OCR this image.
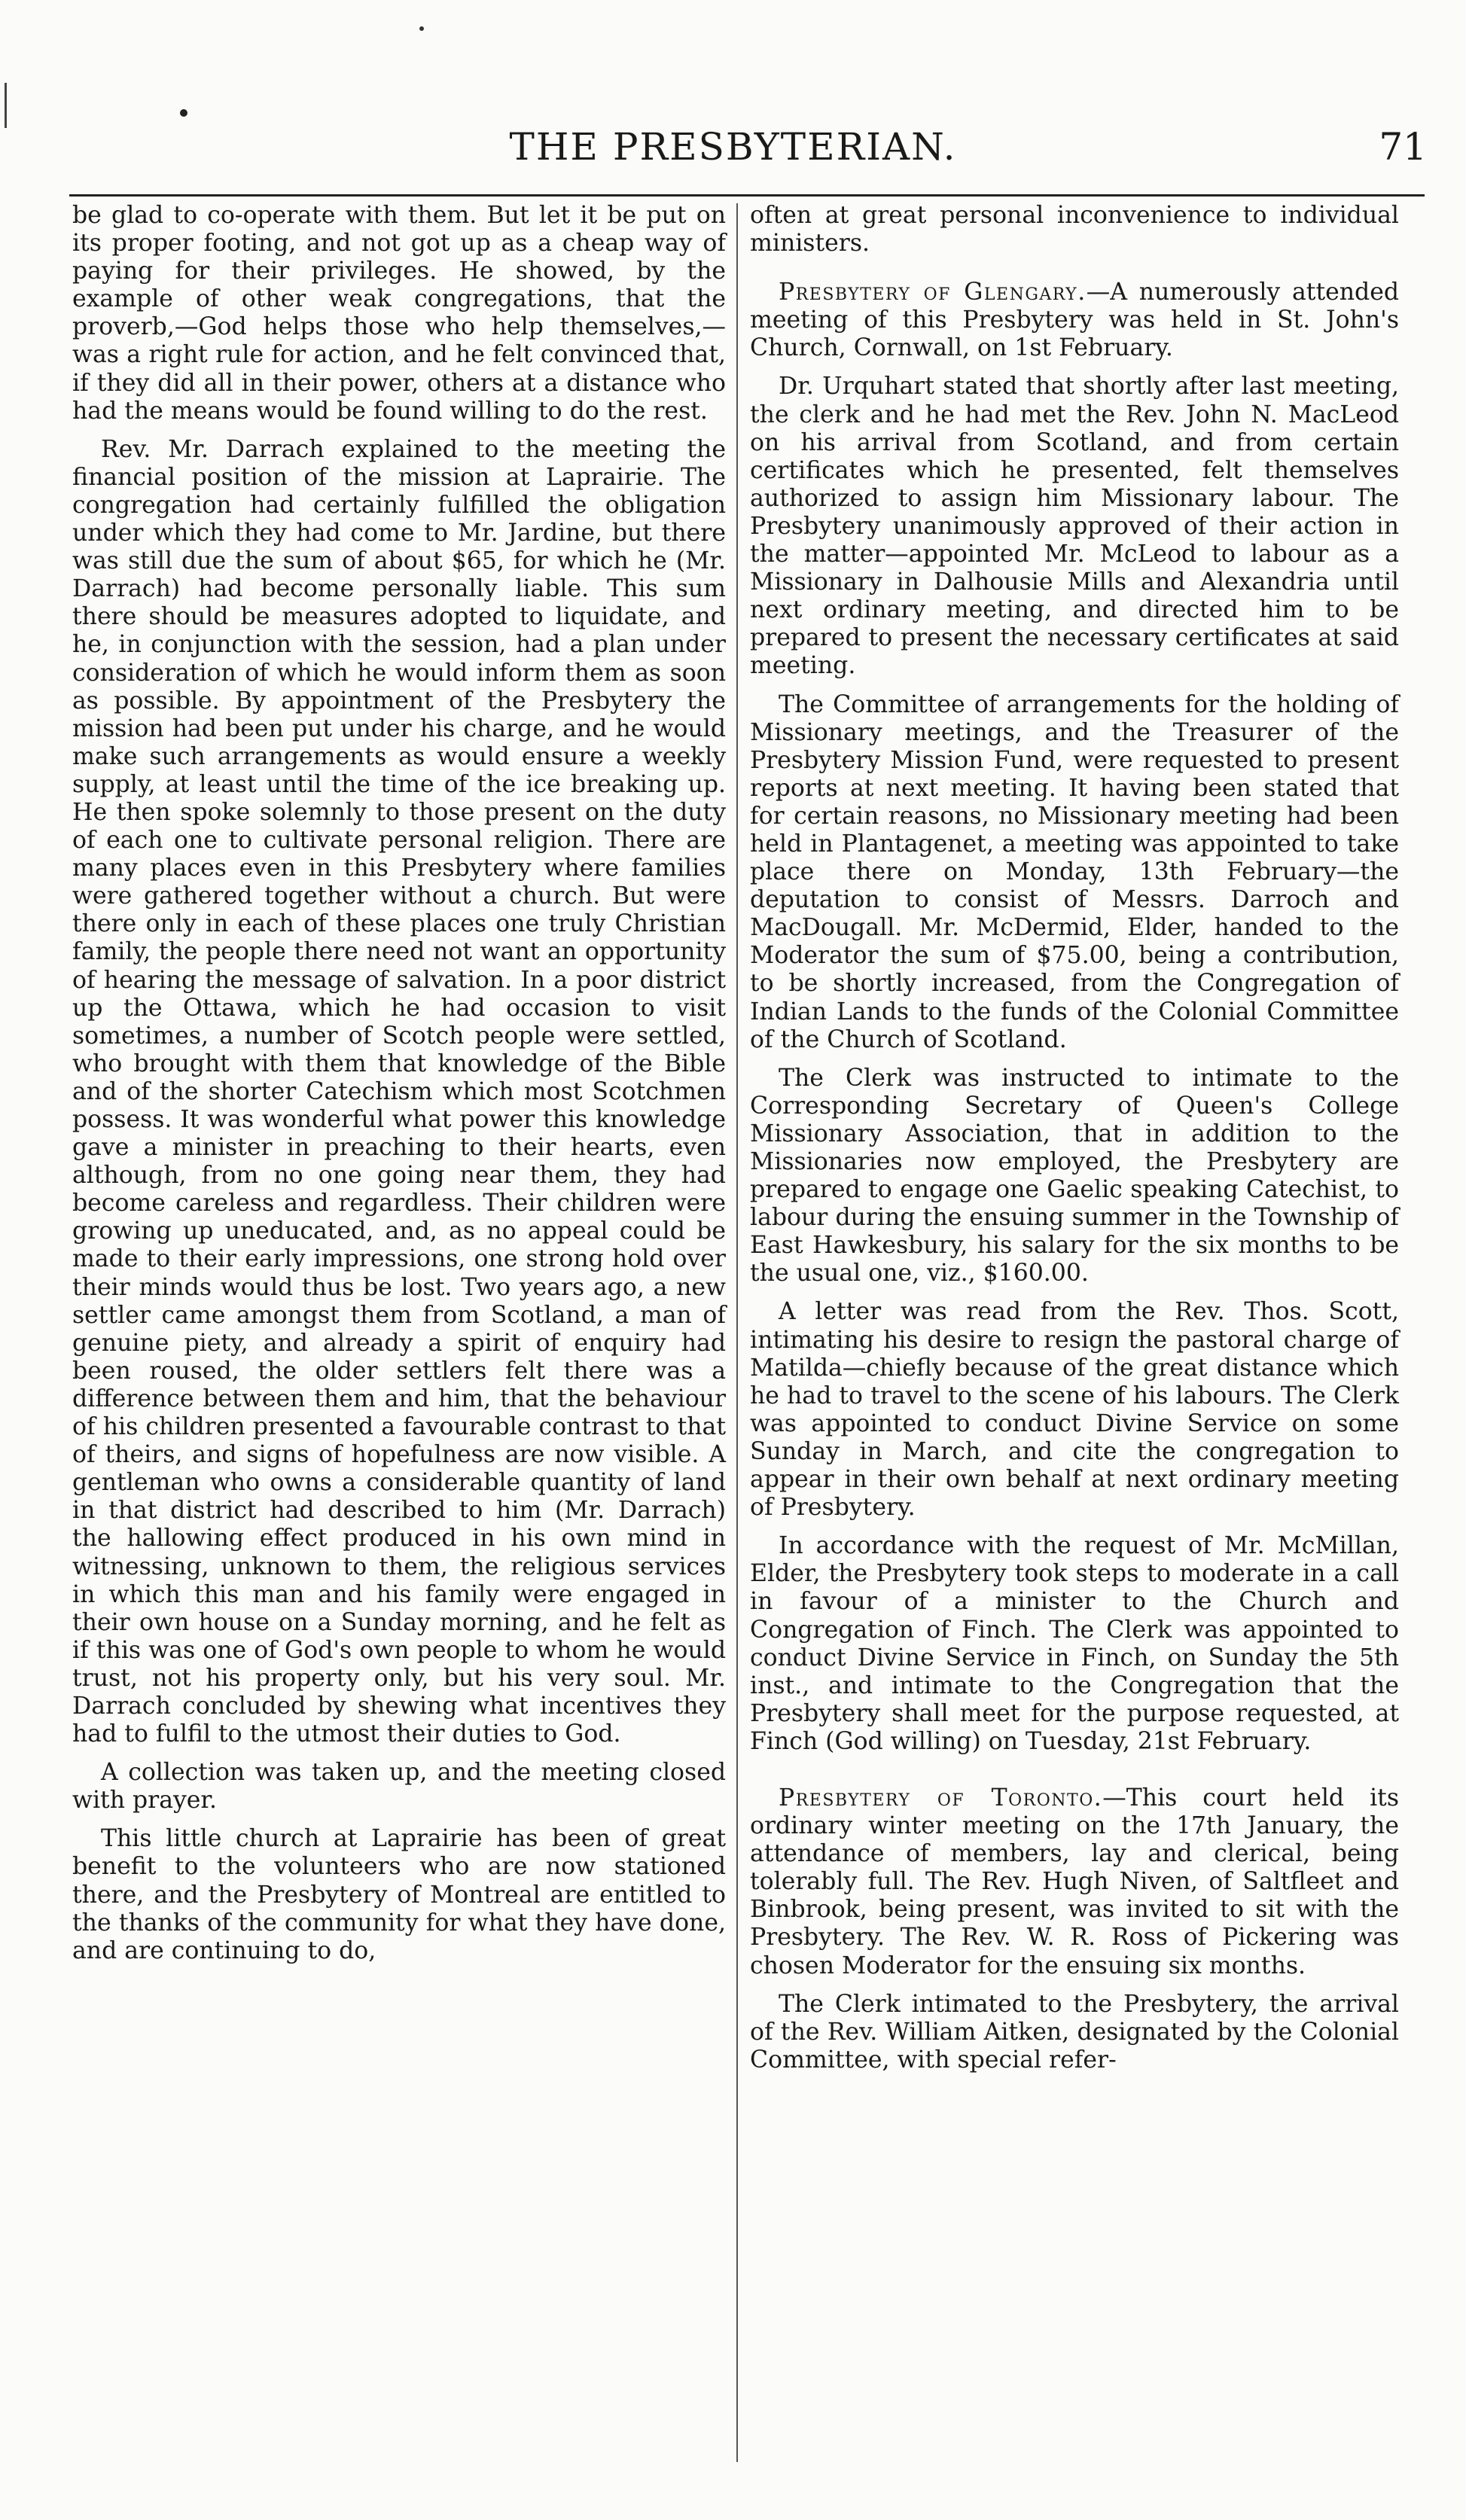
THE PRESBYTERIAN.	71

be glad to co-operate with them. But let it be put on its proper footing, and not got up as a cheap way of paying for their privileges. He showed, by the example of other weak congregations, that the proverb,—God helps those who help themselves,—was a right rule for action, and he felt convinced that, if they did all in their power, others at a distance who had the means would be found willing to do the rest.

Rev. Mr. Darrach explained to the meeting the financial position of the mission at Laprairie. The congregation had certainly fulfilled the obligation under which they had come to Mr. Jardine, but there was still due the sum of about $65, for which he (Mr. Darrach) had become personally liable. This sum there should be measures adopted to liquidate, and he, in conjunction with the session, had a plan under consideration of which he would inform them as soon as possible. By appointment of the Presbytery the mission had been put under his charge, and he would make such arrangements as would ensure a weekly supply, at least until the time of the ice breaking up. He then spoke solemnly to those present on the duty of each one to cultivate personal religion. There are many places even in this Presbytery where families were gathered together without a church. But were there only in each of these places one truly Christian family, the people there need not want an opportunity of hearing the message of salvation. In a poor district up the Ottawa, which he had occasion to visit sometimes, a number of Scotch people were settled, who brought with them that knowledge of the Bible and of the shorter Catechism which most Scotchmen possess. It was wonderful what power this knowledge gave a minister in preaching to their hearts, even although, from no one going near them, they had become careless and regardless. Their children were growing up uneducated, and, as no appeal could be made to their early impressions, one strong hold over their minds would thus be lost. Two years ago, a new settler came amongst them from Scotland, a man of genuine piety, and already a spirit of enquiry had been roused, the older settlers felt there was a difference between them and him, that the behaviour of his children presented a favourable contrast to that of theirs, and signs of hopefulness are now visible. A gentleman who owns a considerable quantity of land in that district had described to him (Mr. Darrach) the hallowing effect produced in his own mind in witnessing, unknown to them, the religious services in which this man and his family were engaged in their own house on a Sunday morning, and he felt as if this was one of God's own people to whom he would trust, not his property only, but his very soul. Mr. Darrach concluded by shewing what incentives they had to fulfil to the utmost their duties to God.

A collection was taken up, and the meeting closed with prayer.

This little church at Laprairie has been of great benefit to the volunteers who are now stationed there, and the Presbytery of Montreal are entitled to the thanks of the community for what they have done, and are continuing to do,

often at great personal inconvenience to individual ministers.

Presbytery of Glengary.—A numerously attended meeting of this Presbytery was held in St. John's Church, Cornwall, on 1st February.

Dr. Urquhart stated that shortly after last meeting, the clerk and he had met the Rev. John N. MacLeod on his arrival from Scotland, and from certain certificates which he presented, felt themselves authorized to assign him Missionary labour. The Presbytery unanimously approved of their action in the matter—appointed Mr. McLeod to labour as a Missionary in Dalhousie Mills and Alexandria until next ordinary meeting, and directed him to be prepared to present the necessary certificates at said meeting.

The Committee of arrangements for the holding of Missionary meetings, and the Treasurer of the Presbytery Mission Fund, were requested to present reports at next meeting. It having been stated that for certain reasons, no Missionary meeting had been held in Plantagenet, a meeting was appointed to take place there on Monday, 13th February—the deputation to consist of Messrs. Darroch and MacDougall. Mr. McDermid, Elder, handed to the Moderator the sum of $75.00, being a contribution, to be shortly increased, from the Congregation of Indian Lands to the funds of the Colonial Committee of the Church of Scotland.

The Clerk was instructed to intimate to the Corresponding Secretary of Queen's College Missionary Association, that in addition to the Missionaries now employed, the Presbytery are prepared to engage one Gaelic speaking Catechist, to labour during the ensuing summer in the Township of East Hawkesbury, his salary for the six months to be the usual one, viz., $160.00.

A letter was read from the Rev. Thos. Scott, intimating his desire to resign the pastoral charge of Matilda—chiefly because of the great distance which he had to travel to the scene of his labours. The Clerk was appointed to conduct Divine Service on some Sunday in March, and cite the congregation to appear in their own behalf at next ordinary meeting of Presbytery.

In accordance with the request of Mr. McMillan, Elder, the Presbytery took steps to moderate in a call in favour of a minister to the Church and Congregation of Finch. The Clerk was appointed to conduct Divine Service in Finch, on Sunday the 5th inst., and intimate to the Congregation that the Presbytery shall meet for the purpose requested, at Finch (God willing) on Tuesday, 21st February.

Presbytery of Toronto.—This court held its ordinary winter meeting on the 17th January, the attendance of members, lay and clerical, being tolerably full. The Rev. Hugh Niven, of Saltfleet and Binbrook, being present, was invited to sit with the Presbytery. The Rev. W. R. Ross of Pickering was chosen Moderator for the ensuing six months.

The Clerk intimated to the Presbytery, the arrival of the Rev. William Aitken, designated by the Colonial Committee, with special refer-
